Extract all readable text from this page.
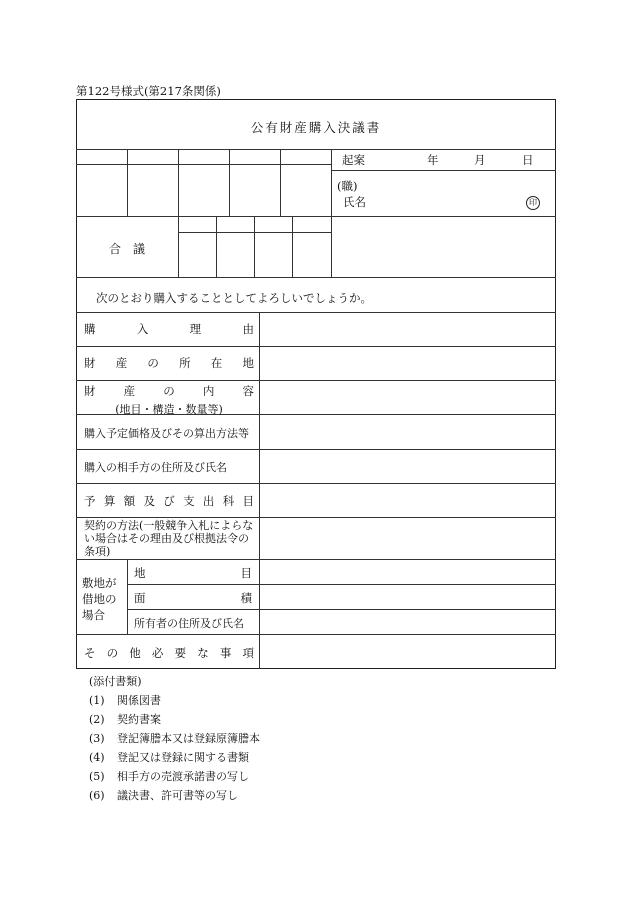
第122号様式(第217条関係)
公有財産購入決議書
起案	年	月	日
(職)
氏名	印
合　議
次のとおり購入することとしてよろしいでしょうか。
購	入	理	由
財 産 の 所 在 地
財 産 の 内 容
(地目・構造・数量等)
購入予定価格及びその算出方法等
購入の相手方の住所及び氏名
予 算 額 及 び 支 出 科 目
契約の方法(一般競争入札によらない場合はその理由及び根拠法令の条項)
敷地が借地の場合
地	目
面	積
所有者の住所及び氏名
そ の 他 必 要 な 事 項
(添付書類)
(1) 関係図書
(2) 契約書案
(3) 登記簿謄本又は登録原簿謄本
(4) 登記又は登録に関する書類
(5) 相手方の売渡承諾書の写し
(6) 議決書、許可書等の写し
